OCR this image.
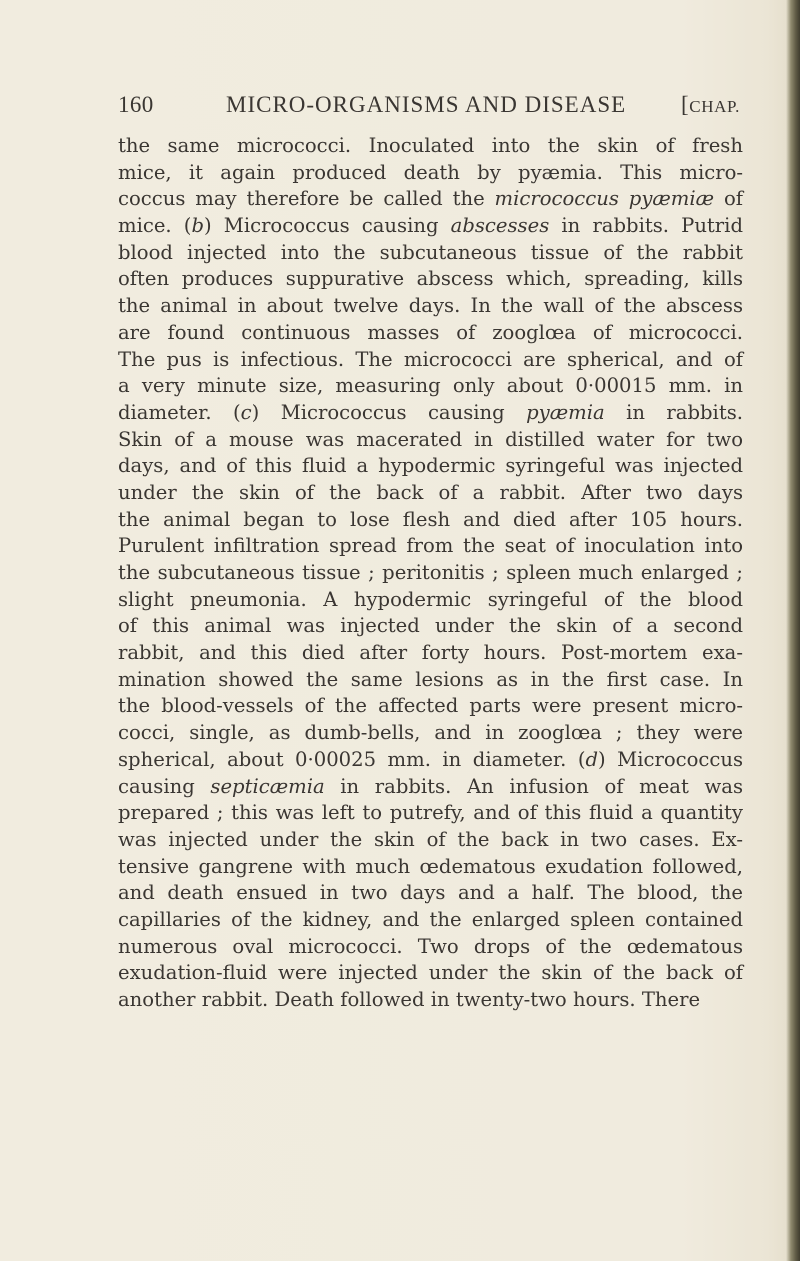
160	MICRO-ORGANISMS AND DISEASE [CHAP.
the same micrococci. Inoculated into the skin of fresh
mice, it again produced death by pyæmia. This micro-
coccus may therefore be called the micrococcus pyæmiæ of
mice. (b) Micrococcus causing abscesses in rabbits. Putrid
blood injected into the subcutaneous tissue of the rabbit
often produces suppurative abscess which, spreading, kills
the animal in about twelve days. In the wall of the abscess
are found continuous masses of zooglœa of micrococci.
The pus is infectious. The micrococci are spherical, and of
a very minute size, measuring only about 0·00015 mm. in
diameter. (c) Micrococcus causing pyæmia in rabbits.
Skin of a mouse was macerated in distilled water for two
days, and of this fluid a hypodermic syringeful was injected
under the skin of the back of a rabbit. After two days
the animal began to lose flesh and died after 105 hours.
Purulent infiltration spread from the seat of inoculation into
the subcutaneous tissue ; peritonitis ; spleen much enlarged ;
slight pneumonia. A hypodermic syringeful of the blood
of this animal was injected under the skin of a second
rabbit, and this died after forty hours. Post-mortem exa-
mination showed the same lesions as in the first case. In
the blood-vessels of the affected parts were present micro-
cocci, single, as dumb-bells, and in zooglœa ; they were
spherical, about 0·00025 mm. in diameter. (d) Micrococcus
causing septicæmia in rabbits. An infusion of meat was
prepared ; this was left to putrefy, and of this fluid a quantity
was injected under the skin of the back in two cases. Ex-
tensive gangrene with much œdematous exudation followed,
and death ensued in two days and a half. The blood, the
capillaries of the kidney, and the enlarged spleen contained
numerous oval micrococci. Two drops of the œdematous
exudation-fluid were injected under the skin of the back of
another rabbit. Death followed in twenty-two hours. There
